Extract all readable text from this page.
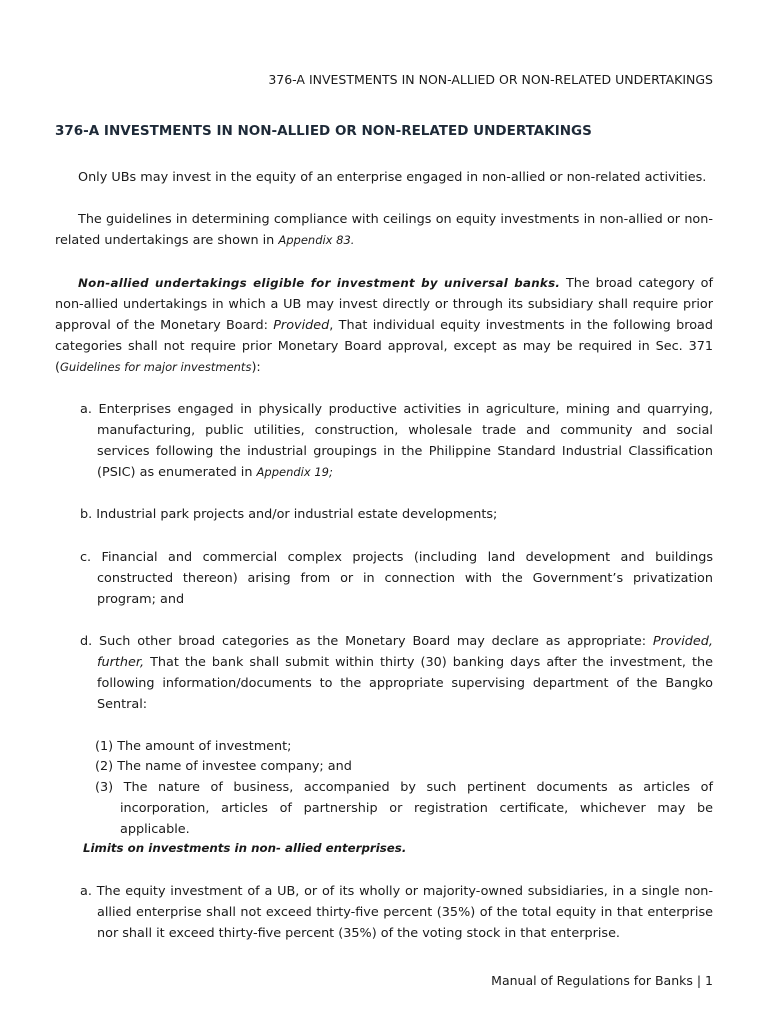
376-A INVESTMENTS IN NON-ALLIED OR NON-RELATED UNDERTAKINGS
376-A INVESTMENTS IN NON-ALLIED OR NON-RELATED UNDERTAKINGS
Only UBs may invest in the equity of an enterprise engaged in non-allied or non-related activities.
The guidelines in determining compliance with ceilings on equity investments in non-allied or non-related undertakings are shown in Appendix 83.
Non-allied undertakings eligible for investment by universal banks. The broad category of non-allied undertakings in which a UB may invest directly or through its subsidiary shall require prior approval of the Monetary Board: Provided, That individual equity investments in the following broad categories shall not require prior Monetary Board approval, except as may be required in Sec. 371 (Guidelines for major investments):
a. Enterprises engaged in physically productive activities in agriculture, mining and quarrying, manufacturing, public utilities, construction, wholesale trade and community and social services following the industrial groupings in the Philippine Standard Industrial Classification (PSIC) as enumerated in Appendix 19;
b. Industrial park projects and/or industrial estate developments;
c. Financial and commercial complex projects (including land development and buildings constructed thereon) arising from or in connection with the Government’s privatization program; and
d. Such other broad categories as the Monetary Board may declare as appropriate: Provided, further, That the bank shall submit within thirty (30) banking days after the investment, the following information/documents to the appropriate supervising department of the Bangko Sentral:
(1) The amount of investment;
(2) The name of investee company; and
(3) The nature of business, accompanied by such pertinent documents as articles of incorporation, articles of partnership or registration certificate, whichever may be applicable.
Limits on investments in non- allied enterprises.
a. The equity investment of a UB, or of its wholly or majority-owned subsidiaries, in a single non-allied enterprise shall not exceed thirty-five percent (35%) of the total equity in that enterprise nor shall it exceed thirty-five percent (35%) of the voting stock in that enterprise.
Manual of Regulations for Banks | 1
